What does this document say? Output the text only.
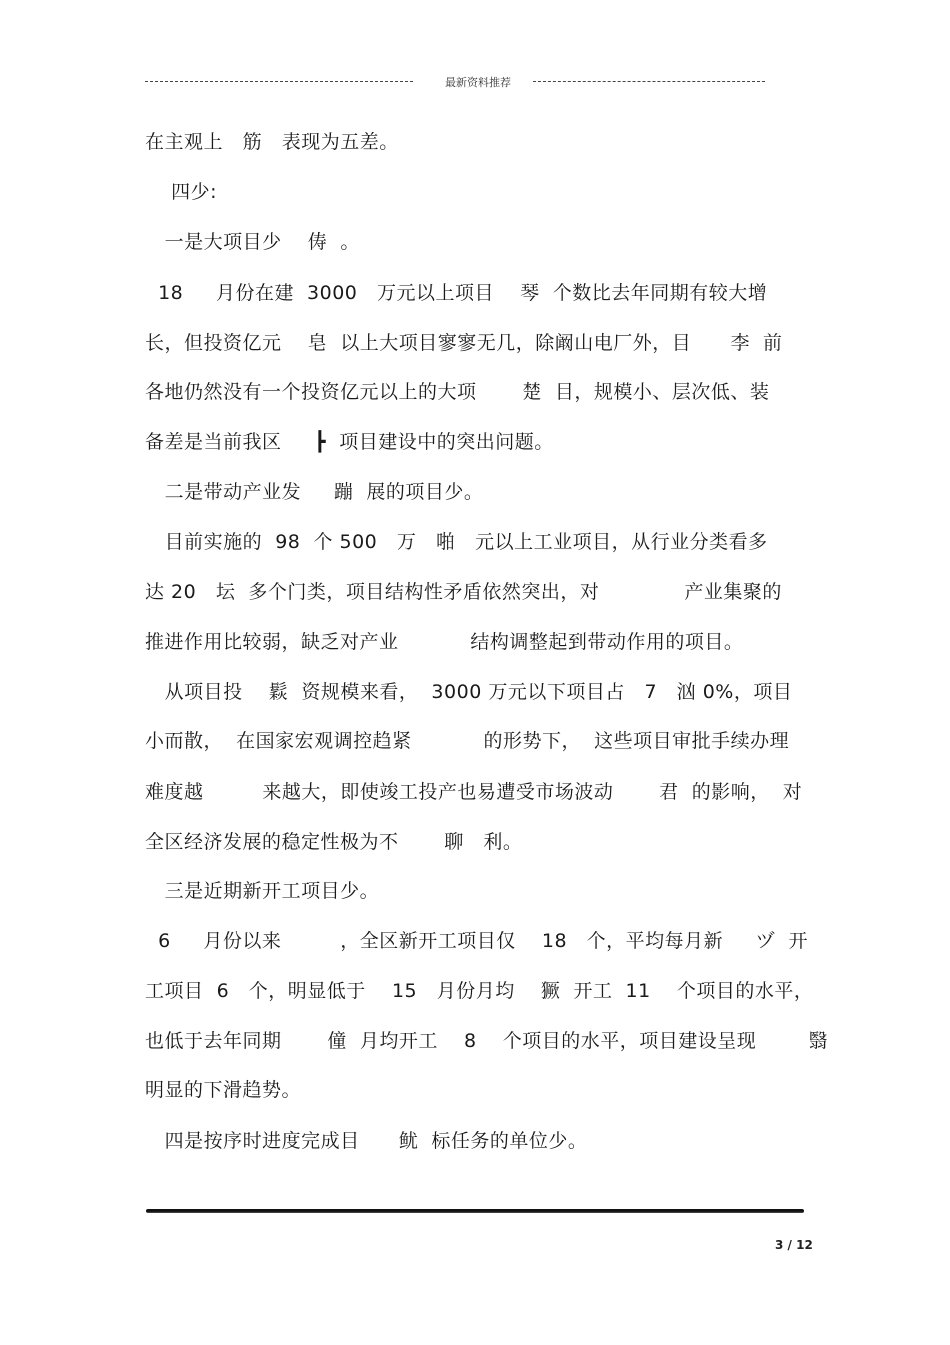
最新资料推荐
在主观上   筋   表现为五差。
四少:
一是大项目少    俦  。
18     月份在建  3000   万元以上项目    琴  个数比去年同期有较大增
长，但投资亿元    皂  以上大项目寥寥无几，除阚山电厂外，目      李  前
各地仍然没有一个投资亿元以上的大项       楚  目，规模小、层次低、装
备差是当前我区     ┣  项目建设中的突出问题。
二是带动产业发     蹦  展的项目少。
目前实施的  98  个 500   万   啪   元以上工业项目，从行业分类看多
达 20   坛  多个门类，项目结构性矛盾依然突出，对             产业集聚的
推进作用比较弱，缺乏对产业           结构调整起到带动作用的项目。
从项目投    鬏  资规模来看，  3000 万元以下项目占   7   汹 0%，项目
小而散，  在国家宏观调控趋紧           的形势下，  这些项目审批手续办理
难度越         来越大，即使竣工投产也易遭受市场波动       君  的影响，  对
全区经济发展的稳定性极为不       聊   利。
三是近期新开工项目少。
6     月份以来         ，全区新开工项目仅    18   个，平均每月新     ヅ  开
工项目  6   个，明显低于    15   月份月均    獗  开工  11    个项目的水平，
也低于去年同期       僮  月均开工    8    个项目的水平，项目建设呈现        翳
明显的下滑趋势。
四是按序时进度完成目      鱿  标任务的单位少。
3 / 12
